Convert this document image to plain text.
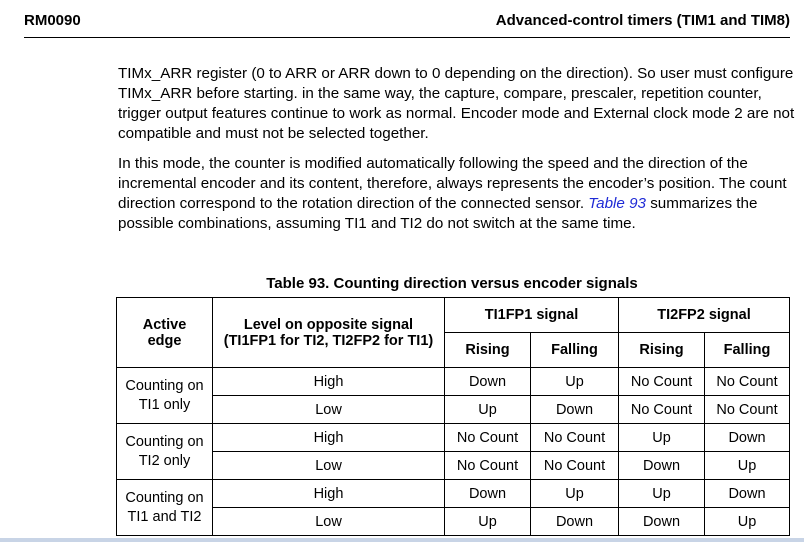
RM0090	Advanced-control timers (TIM1 and TIM8)

TIMx_ARR register (0 to ARR or ARR down to 0 depending on the direction). So user must configure TIMx_ARR before starting. in the same way, the capture, compare, prescaler, repetition counter, trigger output features continue to work as normal. Encoder mode and External clock mode 2 are not compatible and must not be selected together.

In this mode, the counter is modified automatically following the speed and the direction of the incremental encoder and its content, therefore, always represents the encoder’s position. The count direction correspond to the rotation direction of the connected sensor. Table 93 summarizes the possible combinations, assuming TI1 and TI2 do not switch at the same time.

Table 93. Counting direction versus encoder signals
Active
edge	Level on opposite signal
(TI1FP1 for TI2, TI2FP2 for TI1)	TI1FP1 signal		TI2FP2 signal	
		Rising	Falling	Rising	Falling
Counting on
TI1 only	High	Down	Up	No Count	No Count
	Low	Up	Down	No Count	No Count
Counting on
TI2 only	High	No Count	No Count	Up	Down
	Low	No Count	No Count	Down	Up
Counting on
TI1 and TI2	High	Down	Up	Up	Down
	Low	Up	Down	Down	Up
